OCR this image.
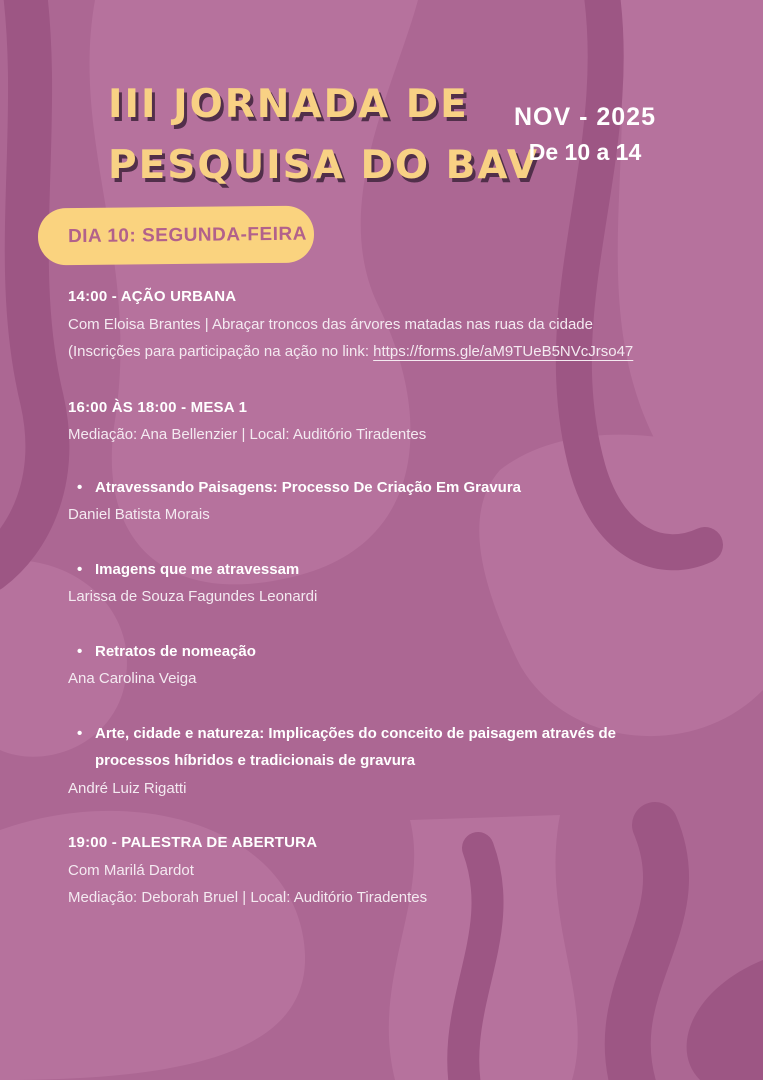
III JORNADA DE
PESQUISA DO BAV
NOV - 2025
De 10 a 14
DIA 10: SEGUNDA-FEIRA
14:00 - AÇÃO URBANA
Com Eloisa Brantes | Abraçar troncos das árvores matadas nas ruas da cidade
(Inscrições para participação na ação no link: https://forms.gle/aM9TUeB5NVcJrso47
16:00 ÀS 18:00 - MESA 1
Mediação: Ana Bellenzier | Local: Auditório Tiradentes
• Atravessando Paisagens: Processo De Criação Em Gravura
Daniel Batista Morais
• Imagens que me atravessam
Larissa de Souza Fagundes Leonardi
• Retratos de nomeação
Ana Carolina Veiga
• Arte, cidade e natureza: Implicações do conceito de paisagem através de processos híbridos e tradicionais de gravura
André Luiz Rigatti
19:00 - PALESTRA DE ABERTURA
Com Marilá Dardot
Mediação: Deborah Bruel | Local: Auditório Tiradentes
